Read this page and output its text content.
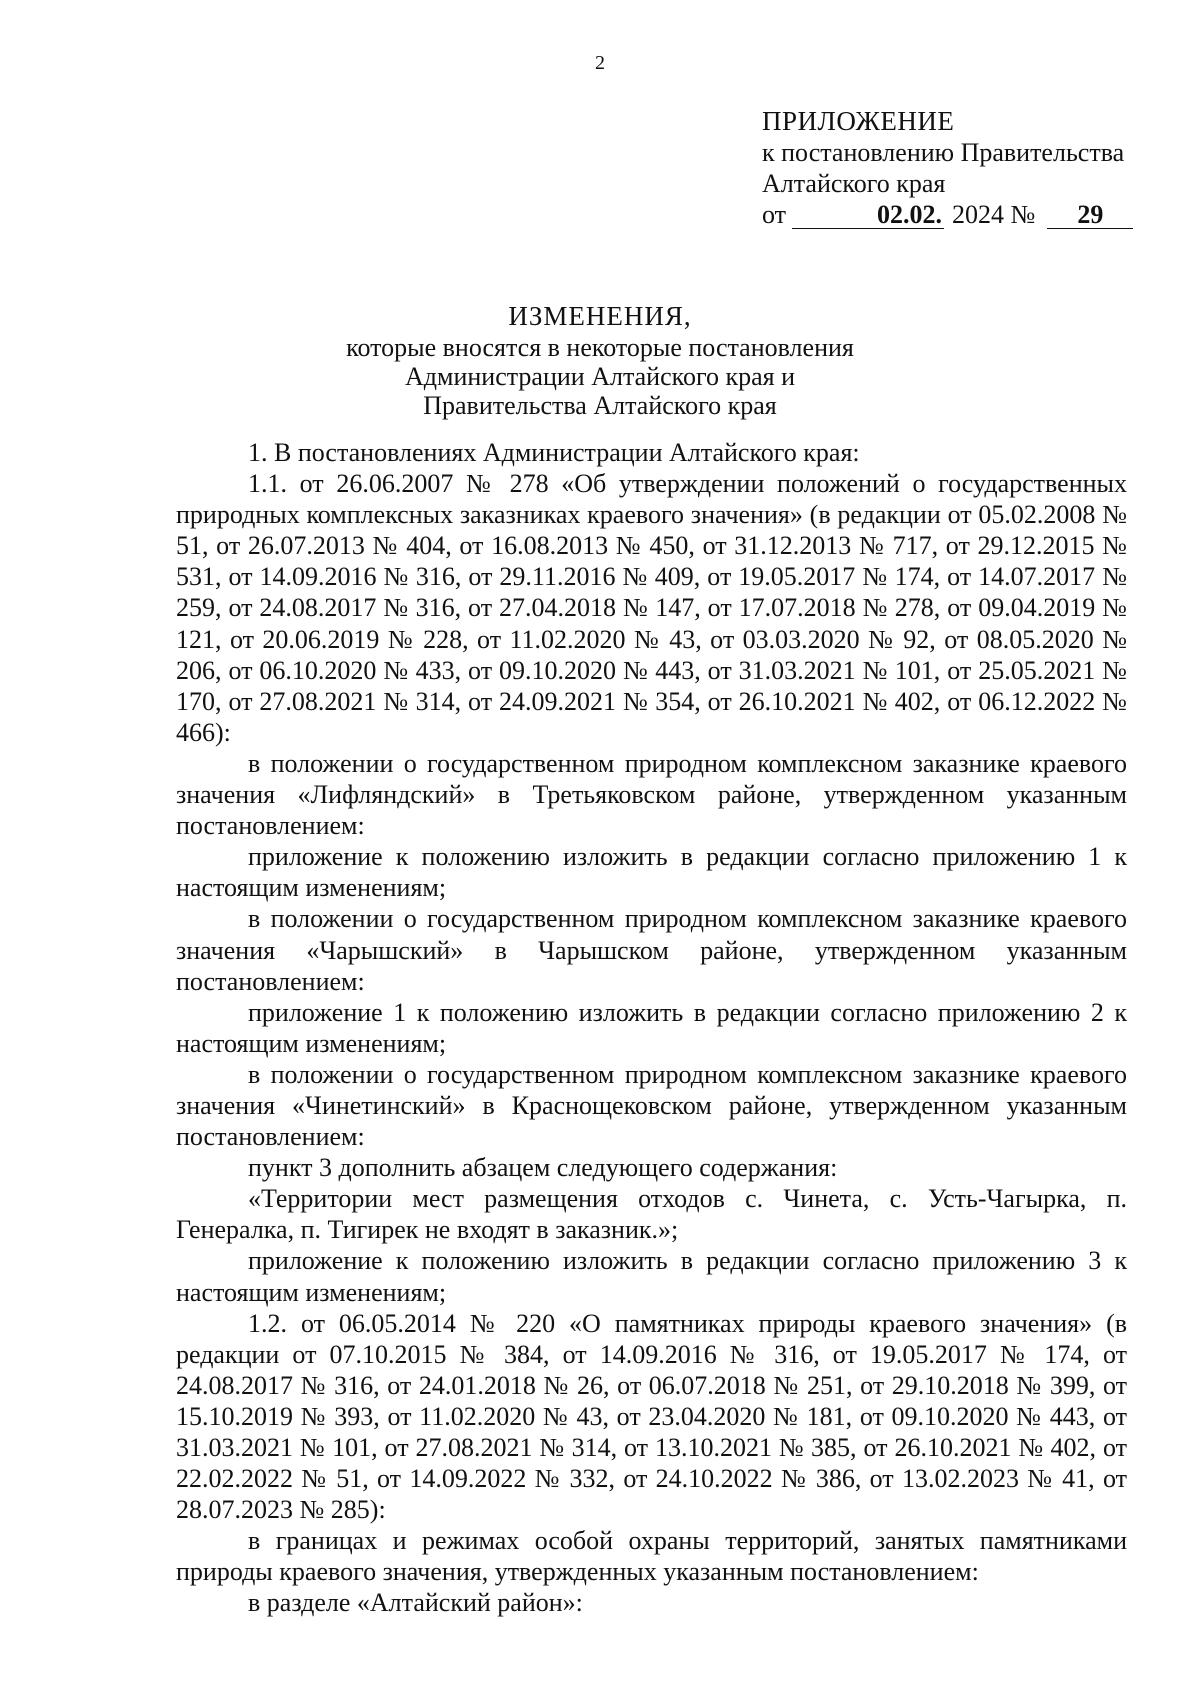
2
ПРИЛОЖЕНИЕ
к постановлению Правительства
Алтайского края
от	02.02. 2024 № 29
ИЗМЕНЕНИЯ,
которые вносятся в некоторые постановления
Администрации Алтайского края и
Правительства Алтайского края

1. В постановлениях Администрации Алтайского края:

1.1. от 26.06.2007 № 278 «Об утверждении положений о государственных природных комплексных заказниках краевого значения» (в редакции от 05.02.2008 № 51, от 26.07.2013 № 404, от 16.08.2013 № 450, от 31.12.2013 № 717, от 29.12.2015 № 531, от 14.09.2016 № 316, от 29.11.2016 № 409, от 19.05.2017 № 174, от 14.07.2017 № 259, от 24.08.2017 № 316, от 27.04.2018 № 147, от 17.07.2018 № 278, от 09.04.2019 № 121, от 20.06.2019 № 228, от 11.02.2020 № 43, от 03.03.2020 № 92, от 08.05.2020 № 206, от 06.10.2020 № 433, от 09.10.2020 № 443, от 31.03.2021 № 101, от 25.05.2021 № 170, от 27.08.2021 № 314, от 24.09.2021 № 354, от 26.10.2021 № 402, от 06.12.2022 № 466):

в положении о государственном природном комплексном заказнике краевого значения «Лифляндский» в Третьяковском районе, утвержденном указанным постановлением:

приложение к положению изложить в редакции согласно приложению 1 к настоящим изменениям;

в положении о государственном природном комплексном заказнике краевого значения «Чарышский» в Чарышском районе, утвержденном указанным постановлением:

приложение 1 к положению изложить в редакции согласно приложению 2 к настоящим изменениям;

в положении о государственном природном комплексном заказнике краевого значения «Чинетинский» в Краснощековском районе, утвержденном указанным постановлением:

пункт 3 дополнить абзацем следующего содержания:

«Территории мест размещения отходов с. Чинета, с. Усть-Чагырка, п. Генералка, п. Тигирек не входят в заказник.»;

приложение к положению изложить в редакции согласно приложению 3 к настоящим изменениям;

1.2. от 06.05.2014 № 220 «О памятниках природы краевого значения» (в редакции от 07.10.2015 № 384, от 14.09.2016 № 316, от 19.05.2017 № 174, от 24.08.2017 № 316, от 24.01.2018 № 26, от 06.07.2018 № 251, от 29.10.2018 № 399, от 15.10.2019 № 393, от 11.02.2020 № 43, от 23.04.2020 № 181, от 09.10.2020 № 443, от 31.03.2021 № 101, от 27.08.2021 № 314, от 13.10.2021 № 385, от 26.10.2021 № 402, от 22.02.2022 № 51, от 14.09.2022 № 332, от 24.10.2022 № 386, от 13.02.2023 № 41, от 28.07.2023 № 285):

в границах и режимах особой охраны территорий, занятых памятниками природы краевого значения, утвержденных указанным постановлением:

в разделе «Алтайский район»:
